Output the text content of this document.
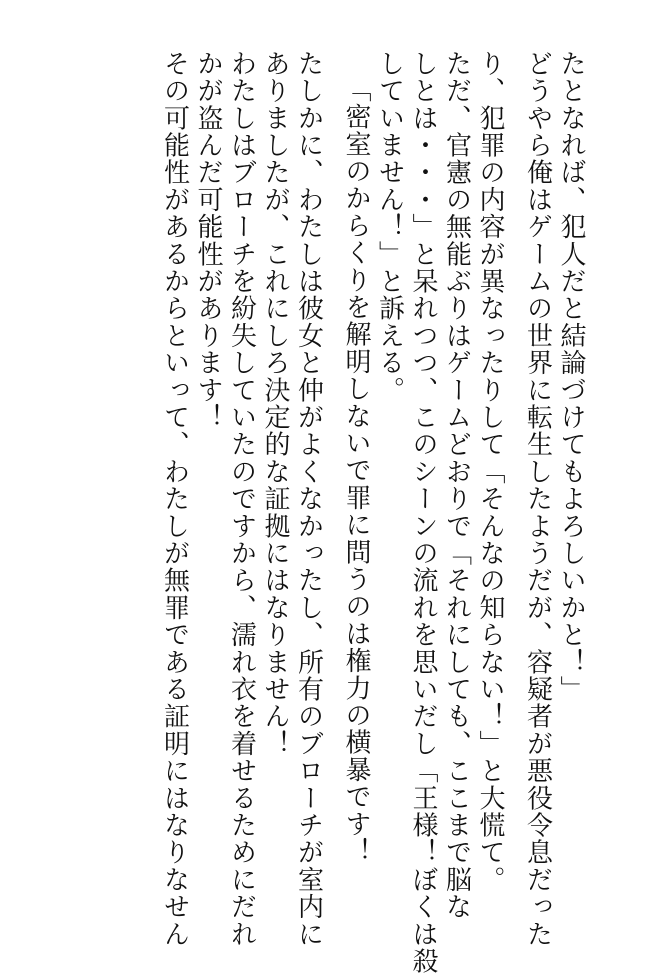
たとなれば、犯人だと結論づけてもよろしいかと！」
どうやら俺はゲームの世界に転生したようだが、容疑者が悪役令息だった
り、犯罪の内容が異なったりして「そんなの知らない！」と大慌て。
ただ、官憲の無能ぶりはゲームどおりで「それにしても、ここまで脳な
しとは・・・」と呆れつつ、このシーンの流れを思いだし「王様！ぼくは殺
していません！」と訴える。
「密室のからくりを解明しないで罪に問うのは権力の横暴です！
たしかに、わたしは彼女と仲がよくなかったし、所有のブローチが室内に
ありましたが、これにしろ決定的な証拠にはなりません！
わたしはブローチを紛失していたのですから、濡れ衣を着せるためにだれ
かが盗んだ可能性があります！
その可能性があるからといって、わたしが無罪である証明にはなりなせん
